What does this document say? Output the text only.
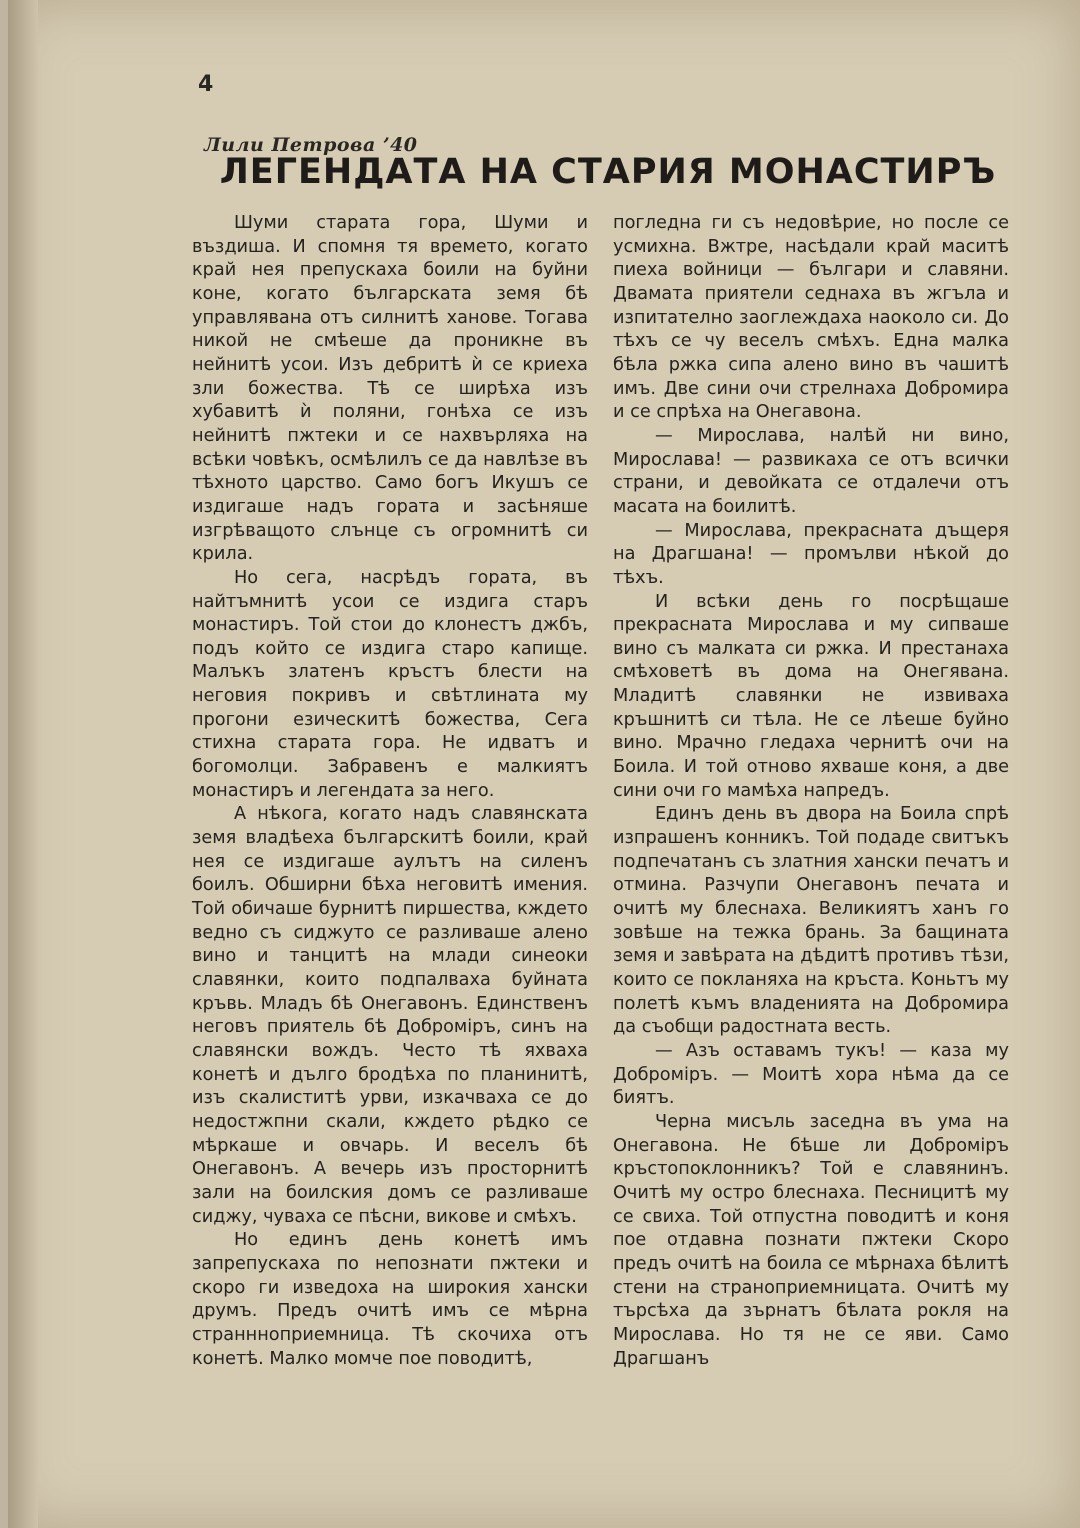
4
Лили Петрова ’40
ЛЕГЕНДАТА НА СТАРИЯ МОНАСТИРЪ

Шуми старата гора, Шуми и въздиша. И спомня тя времето, когато край нея препускаха боили на буйни коне, когато българската земя бѣ управлявана отъ силнитѣ ханове. Тогава никой не смѣеше да проникне въ нейнитѣ усои. Изъ дебритѣ ѝ се криеха зли божества. Тѣ се ширѣха изъ хубавитѣ ѝ поляни, гонѣха се изъ нейнитѣ пжтеки и се нахвърляха на всѣки човѣкъ, осмѣлилъ се да навлѣзе въ тѣхното царство. Само богъ Икушъ се издигаше надъ гората и засѣняше изгрѣващото слънце съ огромнитѣ си крила.

Но сега, насрѣдъ гората, въ найтъмнитѣ усои се издига старъ монастиръ. Той стои до клонестъ джбъ, подъ който се издига старо капище. Малъкъ златенъ кръстъ блести на неговия покривъ и свѣтлината му прогони езическитѣ божества, Сега стихна старата гора. Не идватъ и богомолци. Забравенъ е малкиятъ монастиръ и легендата за него.

А нѣкога, когато надъ славянската земя владѣеха българскитѣ боили, край нея се издигаше аулътъ на силенъ боилъ. Обширни бѣха неговитѣ имения. Той обичаше бурнитѣ пиршества, кждето ведно съ сиджуто се разливаше алено вино и танцитѣ на млади синеоки славянки, които подпалваха буйната кръвь. Младъ бѣ Онегавонъ. Единственъ неговъ приятель бѣ Доброміръ, синъ на славянски вождъ. Често тѣ яхваха конетѣ и дълго бродѣха по планинитѣ, изъ скалиститѣ урви, изкачваха се до недостжпни скали, кждето рѣдко се мѣркаше и овчарь. И веселъ бѣ Онегавонъ. А вечерь изъ просторнитѣ зали на боилския домъ се разливаше сиджу, чуваха се пѣсни, викове и смѣхъ.

Но единъ день конетѣ имъ запрепускаха по непознати пжтеки и скоро ги изведоха на широкия хански друмъ. Предъ очитѣ имъ се мѣрна страннноприемница. Тѣ скочиха отъ конетѣ. Малко момче пое поводитѣ,

погледна ги съ недовѣрие, но после се усмихна. Вжтре, насѣдали край маситѣ пиеха войници — българи и славяни. Двамата приятели седнаха въ жгъла и изпитателно заоглеждаха наоколо си. До тѣхъ се чу веселъ смѣхъ. Една малка бѣла ржка сипа алено вино въ чашитѣ имъ. Две сини очи стрелнаха Добромира и се спрѣха на Онегавона.

— Мирослава, налѣй ни вино, Мирослава! — развикаха се отъ всички страни, и девойката се отдалечи отъ масата на боилитѣ.

— Мирослава, прекрасната дъщеря на Драгшана! — промълви нѣкой до тѣхъ.

И всѣки день го посрѣщаше прекрасната Мирослава и му сипваше вино съ малката си ржка. И престанаха смѣховетѣ въ дома на Онегявана. Младитѣ славянки не извиваха кръшнитѣ си тѣла. Не се лѣеше буйно вино. Мрачно гледаха чернитѣ очи на Боила. И той отново яхваше коня, а две сини очи го мамѣха напредъ.

Единъ день въ двора на Боила спрѣ изпрашенъ конникъ. Той подаде свитъкъ подпечатанъ съ златния хански печатъ и отмина. Разчупи Онегавонъ печата и очитѣ му блеснаха. Великиятъ ханъ го зовѣше на тежка брань. За бащината земя и завѣрата на дѣдитѣ противъ тѣзи, които се покланяха на кръста. Коньтъ му полетѣ къмъ владенията на Добромира да съобщи радостната весть.

— Азъ оставамъ тукъ! — каза му Доброміръ. — Моитѣ хора нѣма да се биятъ.

Черна мисъль заседна въ ума на Онегавона. Не бѣше ли Доброміръ кръстопоклонникъ? Той е славянинъ. Очитѣ му остро блеснаха. Песницитѣ му се свиха. Той отпустна поводитѣ и коня пое отдавна познати пжтеки Скоро предъ очитѣ на боила се мѣрнаха бѣлитѣ стени на страноприемницата. Очитѣ му търсѣха да зърнатъ бѣлата рокля на Мирослава. Но тя не се яви. Само Драгшанъ
